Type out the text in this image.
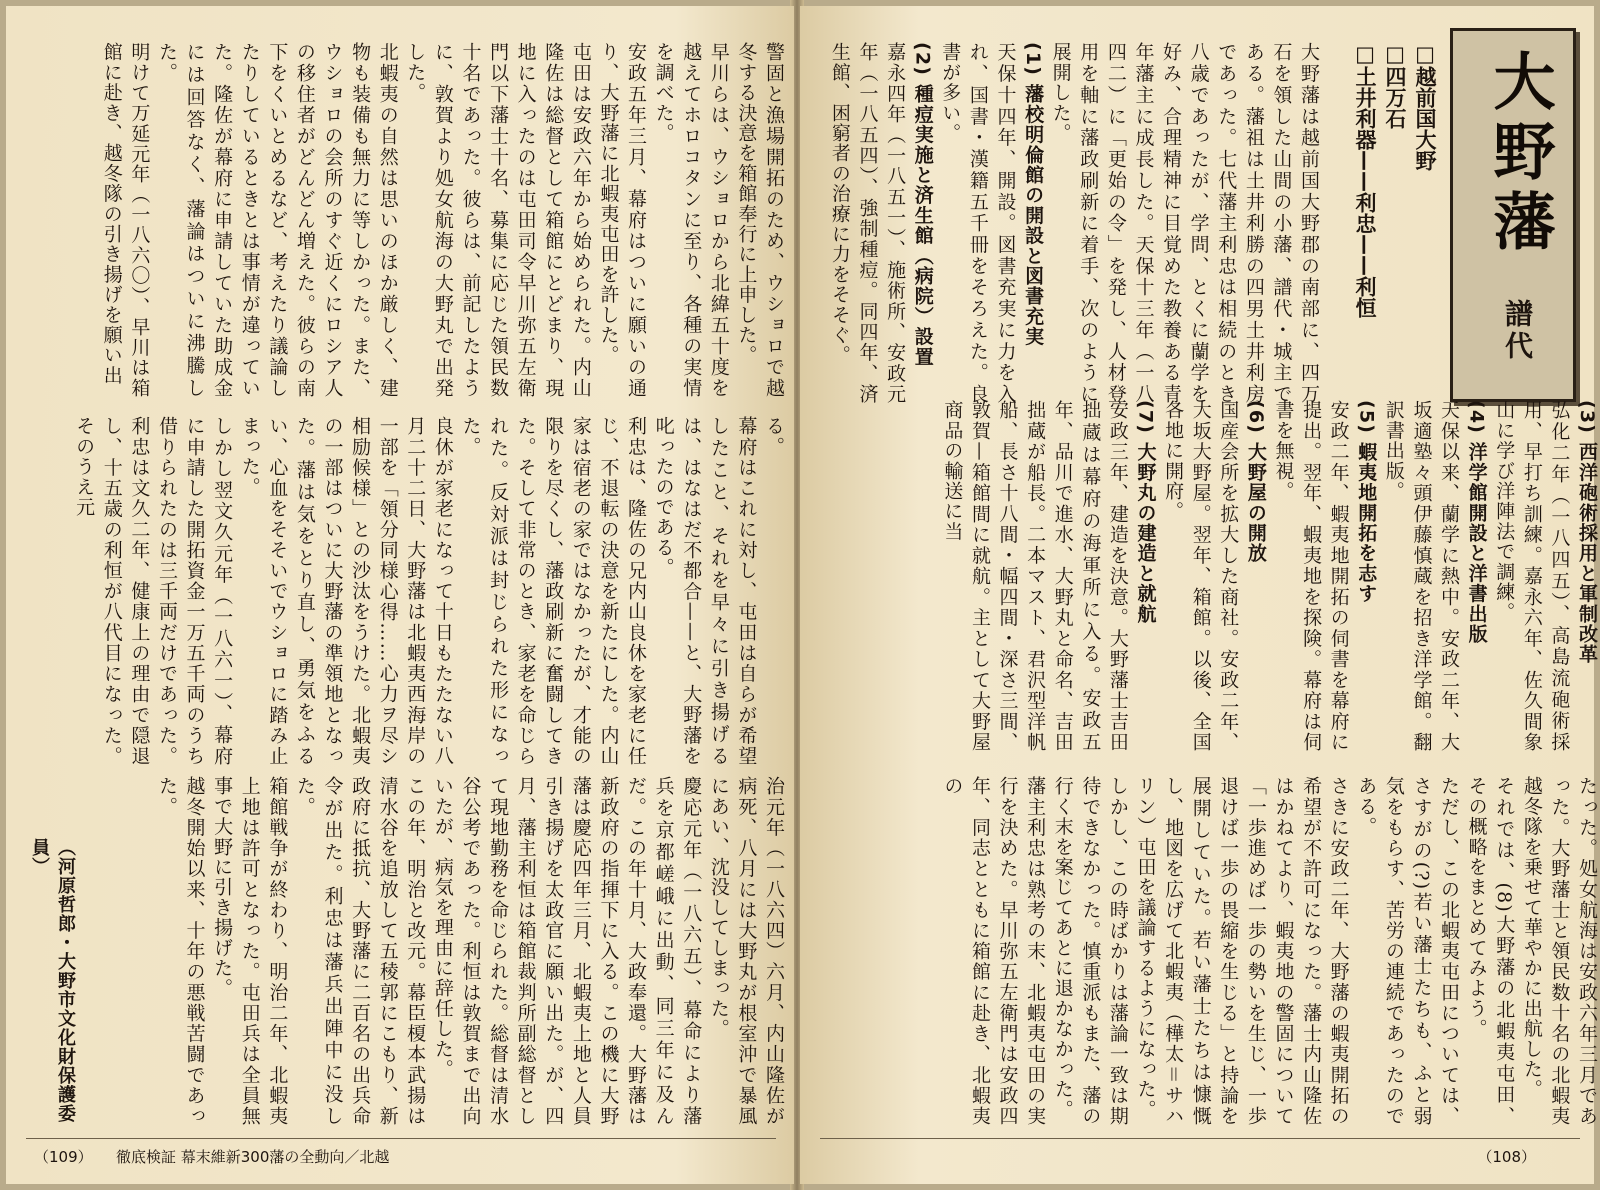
警固と漁場開拓のため、ウショロで越冬する決意を箱館奉行に上申した。

早川らは、ウショロから北緯五十度を越えてホロコタンに至り、各種の実情を調べた。

安政五年三月、幕府はついに願いの通り、大野藩に北蝦夷屯田を許した。

屯田は安政六年から始められた。内山隆佐は総督として箱館にとどまり、現地に入ったのは屯田司令早川弥五左衛門以下藩士十名、募集に応じた領民数十名であった。彼らは、前記したように、敦賀より処女航海の大野丸で出発した。

北蝦夷の自然は思いのほか厳しく、建物も装備も無力に等しかった。また、ウショロの会所のすぐ近くにロシア人の移住者がどんどん増えた。彼らの南下をくいとめるなど、考えたり議論したりしているときとは事情が違っていた。隆佐が幕府に申請していた助成金には回答なく、藩論はついに沸騰した。

明けて万延元年（一八六〇）、早川は箱館に赴き、越冬隊の引き揚げを願い出

る。

幕府はこれに対し、屯田は自らが希望したこと、それを早々に引き揚げるは、はなはだ不都合——と、大野藩を叱ったのである。

利忠は、隆佐の兄内山良休を家老に任じ、不退転の決意を新たにした。内山家は宿老の家ではなかったが、才能の限りを尽くし、藩政刷新に奮闘してきた。そして非常のとき、家老を命じられた。反対派は封じられた形になった。

良休が家老になって十日もたたない八月二十二日、大野藩は北蝦夷西海岸の一部を「領分同様心得……心力ヲ尽シ相励候様」との沙汰をうけた。北蝦夷の一部はついに大野藩の準領地となった。藩は気をとり直し、勇気をふるい、心血をそそいでウショロに踏み止まった。

しかし翌文久元年（一八六一）、幕府に申請した開拓資金一万五千両のうち借りられたのは三千両だけであった。利忠は文久二年、健康上の理由で隠退し、十五歳の利恒が八代目になった。そのうえ元

治元年（一八六四）六月、内山隆佐が病死、八月には大野丸が根室沖で暴風にあい、沈没してしまった。

慶応元年（一八六五）、幕命により藩兵を京都嵯峨に出動、同三年に及んだ。この年十月、大政奉還。大野藩は新政府の指揮下に入る。この機に大野藩は慶応四年三月、北蝦夷上地と人員引き揚げを太政官に願い出た。が、四月、藩主利恒は箱館裁判所副総督として現地勤務を命じられた。総督は清水谷公考であった。利恒は敦賀まで出向いたが、病気を理由に辞任した。

この年、明治と改元。幕臣榎本武揚は清水谷を追放して五稜郭にこもり、新政府に抵抗、大野藩に二百名の出兵命令が出た。利忠は藩兵出陣中に没した。

箱館戦争が終わり、明治二年、北蝦夷上地は許可となった。屯田兵は全員無事で大野に引き揚げた。

越冬開始以来、十年の悪戦苦闘であった。

（河原哲郎・大野市文化財保護委員）
（109） 徹底検証 幕末維新300藩の全動向／北越
大野藩
譜代
□越前国大野
□四万石
□土井利器——利忠——利恒

大野藩は越前国大野郡の南部に、四万石を領した山間の小藩、譜代・城主である。藩祖は土井利勝の四男土井利房であった。七代藩主利忠は相続のとき八歳であったが、学問、とくに蘭学を好み、合理精神に目覚めた教養ある青年藩主に成長した。天保十三年（一八四二）に「更始の令」を発し、人材登用を軸に藩政刷新に着手、次のように展開した。

(1) 藩校明倫館の開設と図書充実

天保十四年、開設。図書充実に力を入れ、国書・漢籍五千冊をそろえた。良書が多い。

(2) 種痘実施と済生館（病院）設置

嘉永四年（一八五一）、施術所、安政元年（一八五四）、強制種痘。同四年、済生館、困窮者の治療に力をそそぐ。

(3) 西洋砲術採用と軍制改革

弘化二年（一八四五）、高島流砲術採用、早打ち訓練。嘉永六年、佐久間象山に学び洋陣法で調練。

(4) 洋学館開設と洋書出版

天保以来、蘭学に熱中。安政二年、大坂適塾々頭伊藤慎蔵を招き洋学館。翻訳書出版。

(5) 蝦夷地開拓を志す

安政二年、蝦夷地開拓の伺書を幕府に提出。翌年、蝦夷地を探険。幕府は伺書を無視。

(6) 大野屋の開放

国産会所を拡大した商社。安政二年、大坂大野屋。翌年、箱館。以後、全国各地に開府。

(7) 大野丸の建造と就航

安政三年、建造を決意。大野藩士吉田拙蔵は幕府の海軍所に入る。安政五年、品川で進水、大野丸と命名、吉田拙蔵が船長。二本マスト、君沢型洋帆船、長さ十八間・幅四間・深さ三間、敦賀—箱館間に就航。主として大野屋商品の輸送に当

たった。処女航海は安政六年三月であった。大野藩士と領民数十名の北蝦夷越冬隊を乗せて華やかに出航した。

それでは、(8)大野藩の北蝦夷屯田、その概略をまとめてみよう。

ただし、この北蝦夷屯田については、さすがの(?)若い藩士たちも、ふと弱気をもらす、苦労の連続であったのである。

さきに安政二年、大野藩の蝦夷開拓の希望が不許可になった。藩士内山隆佐はかねてより、蝦夷地の警固について「一歩進めば一歩の勢いを生じ、一歩退けば一歩の畏縮を生じる」と持論を展開していた。若い藩士たちは慷慨し、地図を広げて北蝦夷（樺太＝サハリン）屯田を議論するようになった。

しかし、この時ばかりは藩論一致は期待できなかった。慎重派もまた、藩の行く末を案じてあとに退かなかった。

藩主利忠は熟考の末、北蝦夷屯田の実行を決めた。早川弥五左衛門は安政四年、同志とともに箱館に赴き、北蝦夷の

（108）
